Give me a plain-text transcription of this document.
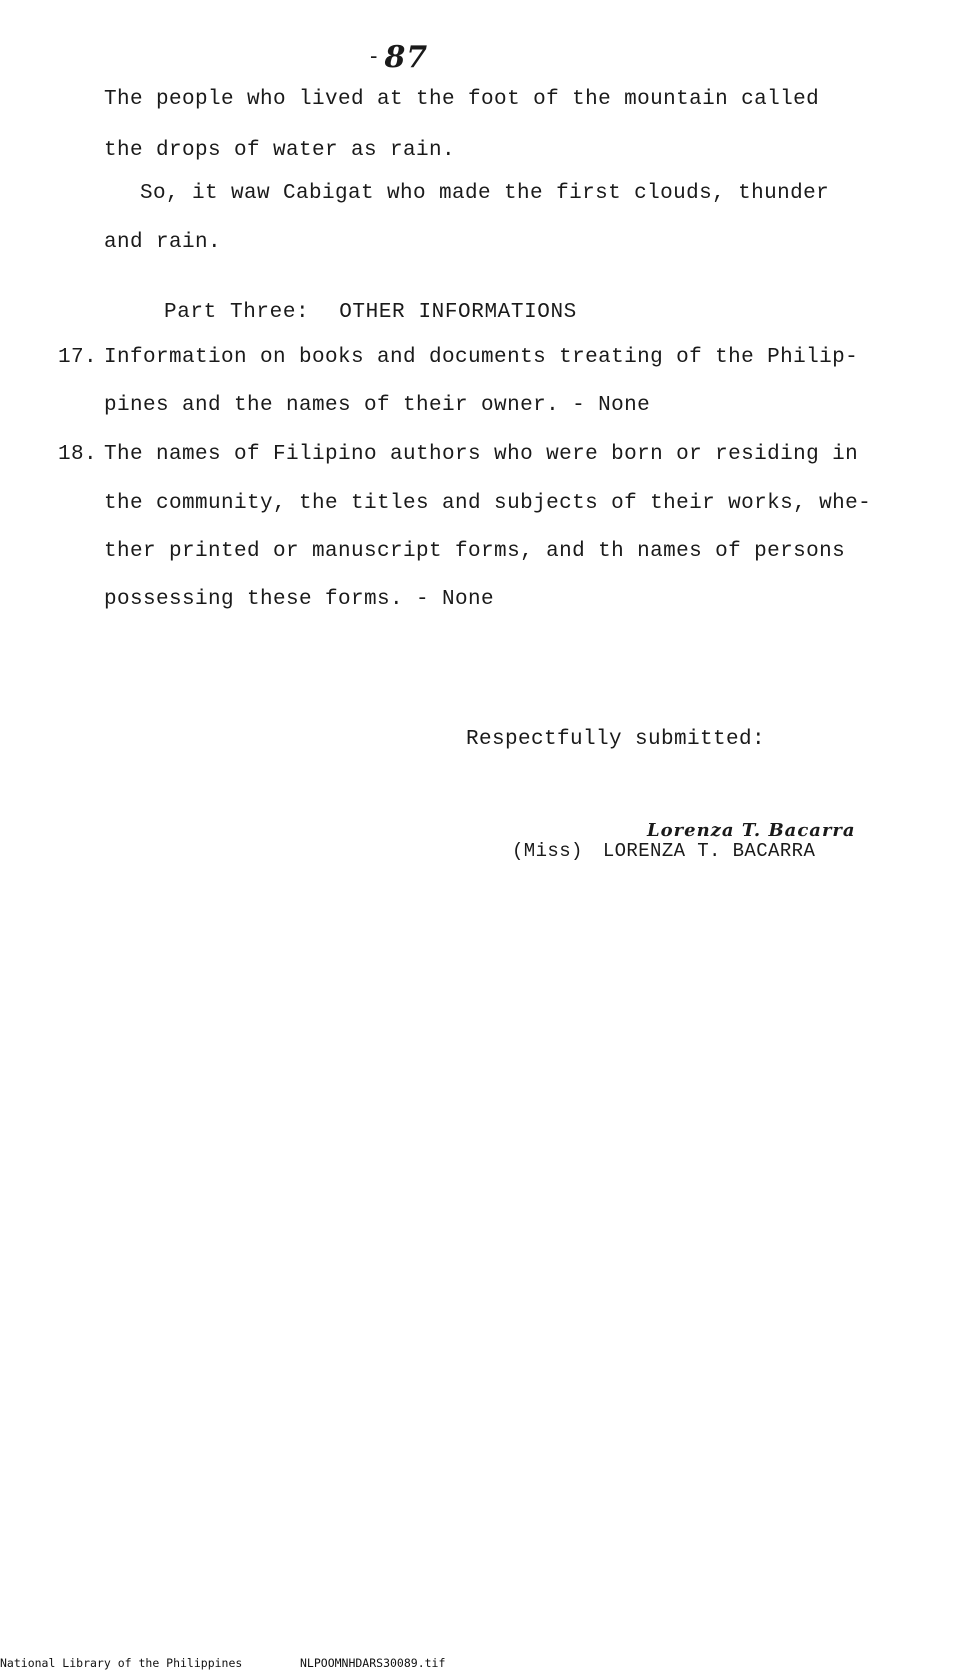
- 87
The people who lived at the foot of the mountain called
the drops of water as rain.
So, it waw Cabigat who made the first clouds, thunder
and rain.
Part Three: OTHER INFORMATIONS
17. Information on books and documents treating of the Philip-
pines and the names of their owner. - None
18. The names of Filipino authors who were born or residing in
the community, the titles and subjects of their works, whe-
ther printed or manuscript forms, and th names of persons
possessing these forms. - None
Respectfully submitted:
Lorenza T. Bacarra
(Miss) LORENZA T. BACARRA
National Library of the Philippines	NLPOOMNHDARS30089.tif
